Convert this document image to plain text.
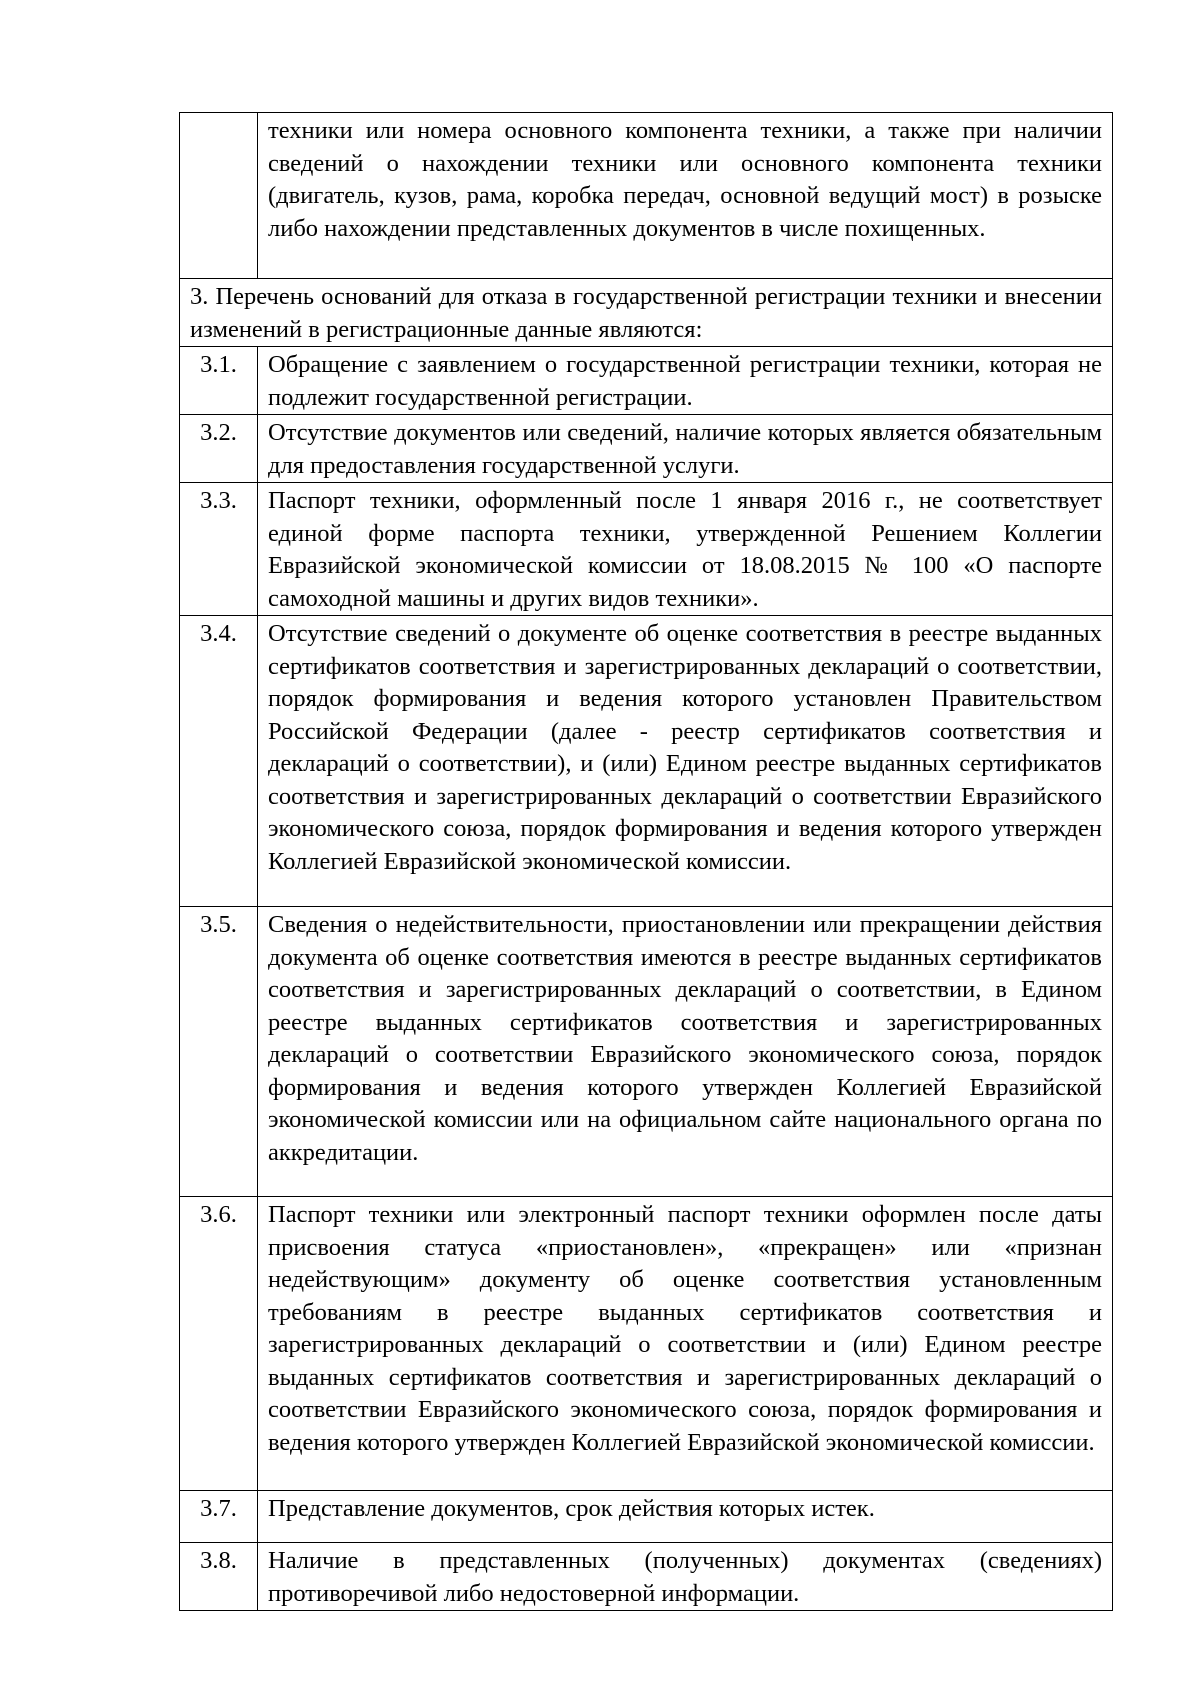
	техники или номера основного компонента техники, а также при наличии сведений о нахождении техники или основного компонента техники (двигатель, кузов, рама, коробка передач, основной ведущий мост) в розыске либо нахождении представленных документов в числе похищенных.
3. Перечень оснований для отказа в государственной регистрации техники и внесении изменений в регистрационные данные являются:	

3.1.	Обращение с заявлением о государственной регистрации техники, которая не подлежит государственной регистрации.

3.2.	Отсутствие документов или сведений, наличие которых является обязательным для предоставления государственной услуги.

3.3.	Паспорт техники, оформленный после 1 января 2016 г., не соответствует единой форме паспорта техники, утвержденной Решением Коллегии Евразийской экономической комиссии от 18.08.2015 № 100 «О паспорте самоходной машины и других видов техники».

3.4.	Отсутствие сведений о документе об оценке соответствия в реестре выданных сертификатов соответствия и зарегистрированных деклараций о соответствии, порядок формирования и ведения которого установлен Правительством Российской Федерации (далее - реестр сертификатов соответствия и деклараций о соответствии), и (или) Едином реестре выданных сертификатов соответствия и зарегистрированных деклараций о соответствии Евразийского экономического союза, порядок формирования и ведения которого утвержден Коллегией Евразийской экономической комиссии.

3.5.	Сведения о недействительности, приостановлении или прекращении действия документа об оценке соответствия имеются в реестре выданных сертификатов соответствия и зарегистрированных деклараций о соответствии, в Едином реестре выданных сертификатов соответствия и зарегистрированных деклараций о соответствии Евразийского экономического союза, порядок формирования и ведения которого утвержден Коллегией Евразийской экономической комиссии или на официальном сайте национального органа по аккредитации.

3.6.	Паспорт техники или электронный паспорт техники оформлен после даты присвоения статуса «приостановлен», «прекращен» или «признан недействующим» документу об оценке соответствия установленным требованиям в реестре выданных сертификатов соответствия и зарегистрированных деклараций о соответствии и (или) Едином реестре выданных сертификатов соответствия и зарегистрированных деклараций о соответствии Евразийского экономического союза, порядок формирования и ведения которого утвержден Коллегией Евразийской экономической комиссии.

3.7.	Представление документов, срок действия которых истек.

3.8.	Наличие в представленных (полученных) документах (сведениях) противоречивой либо недостоверной информации.
